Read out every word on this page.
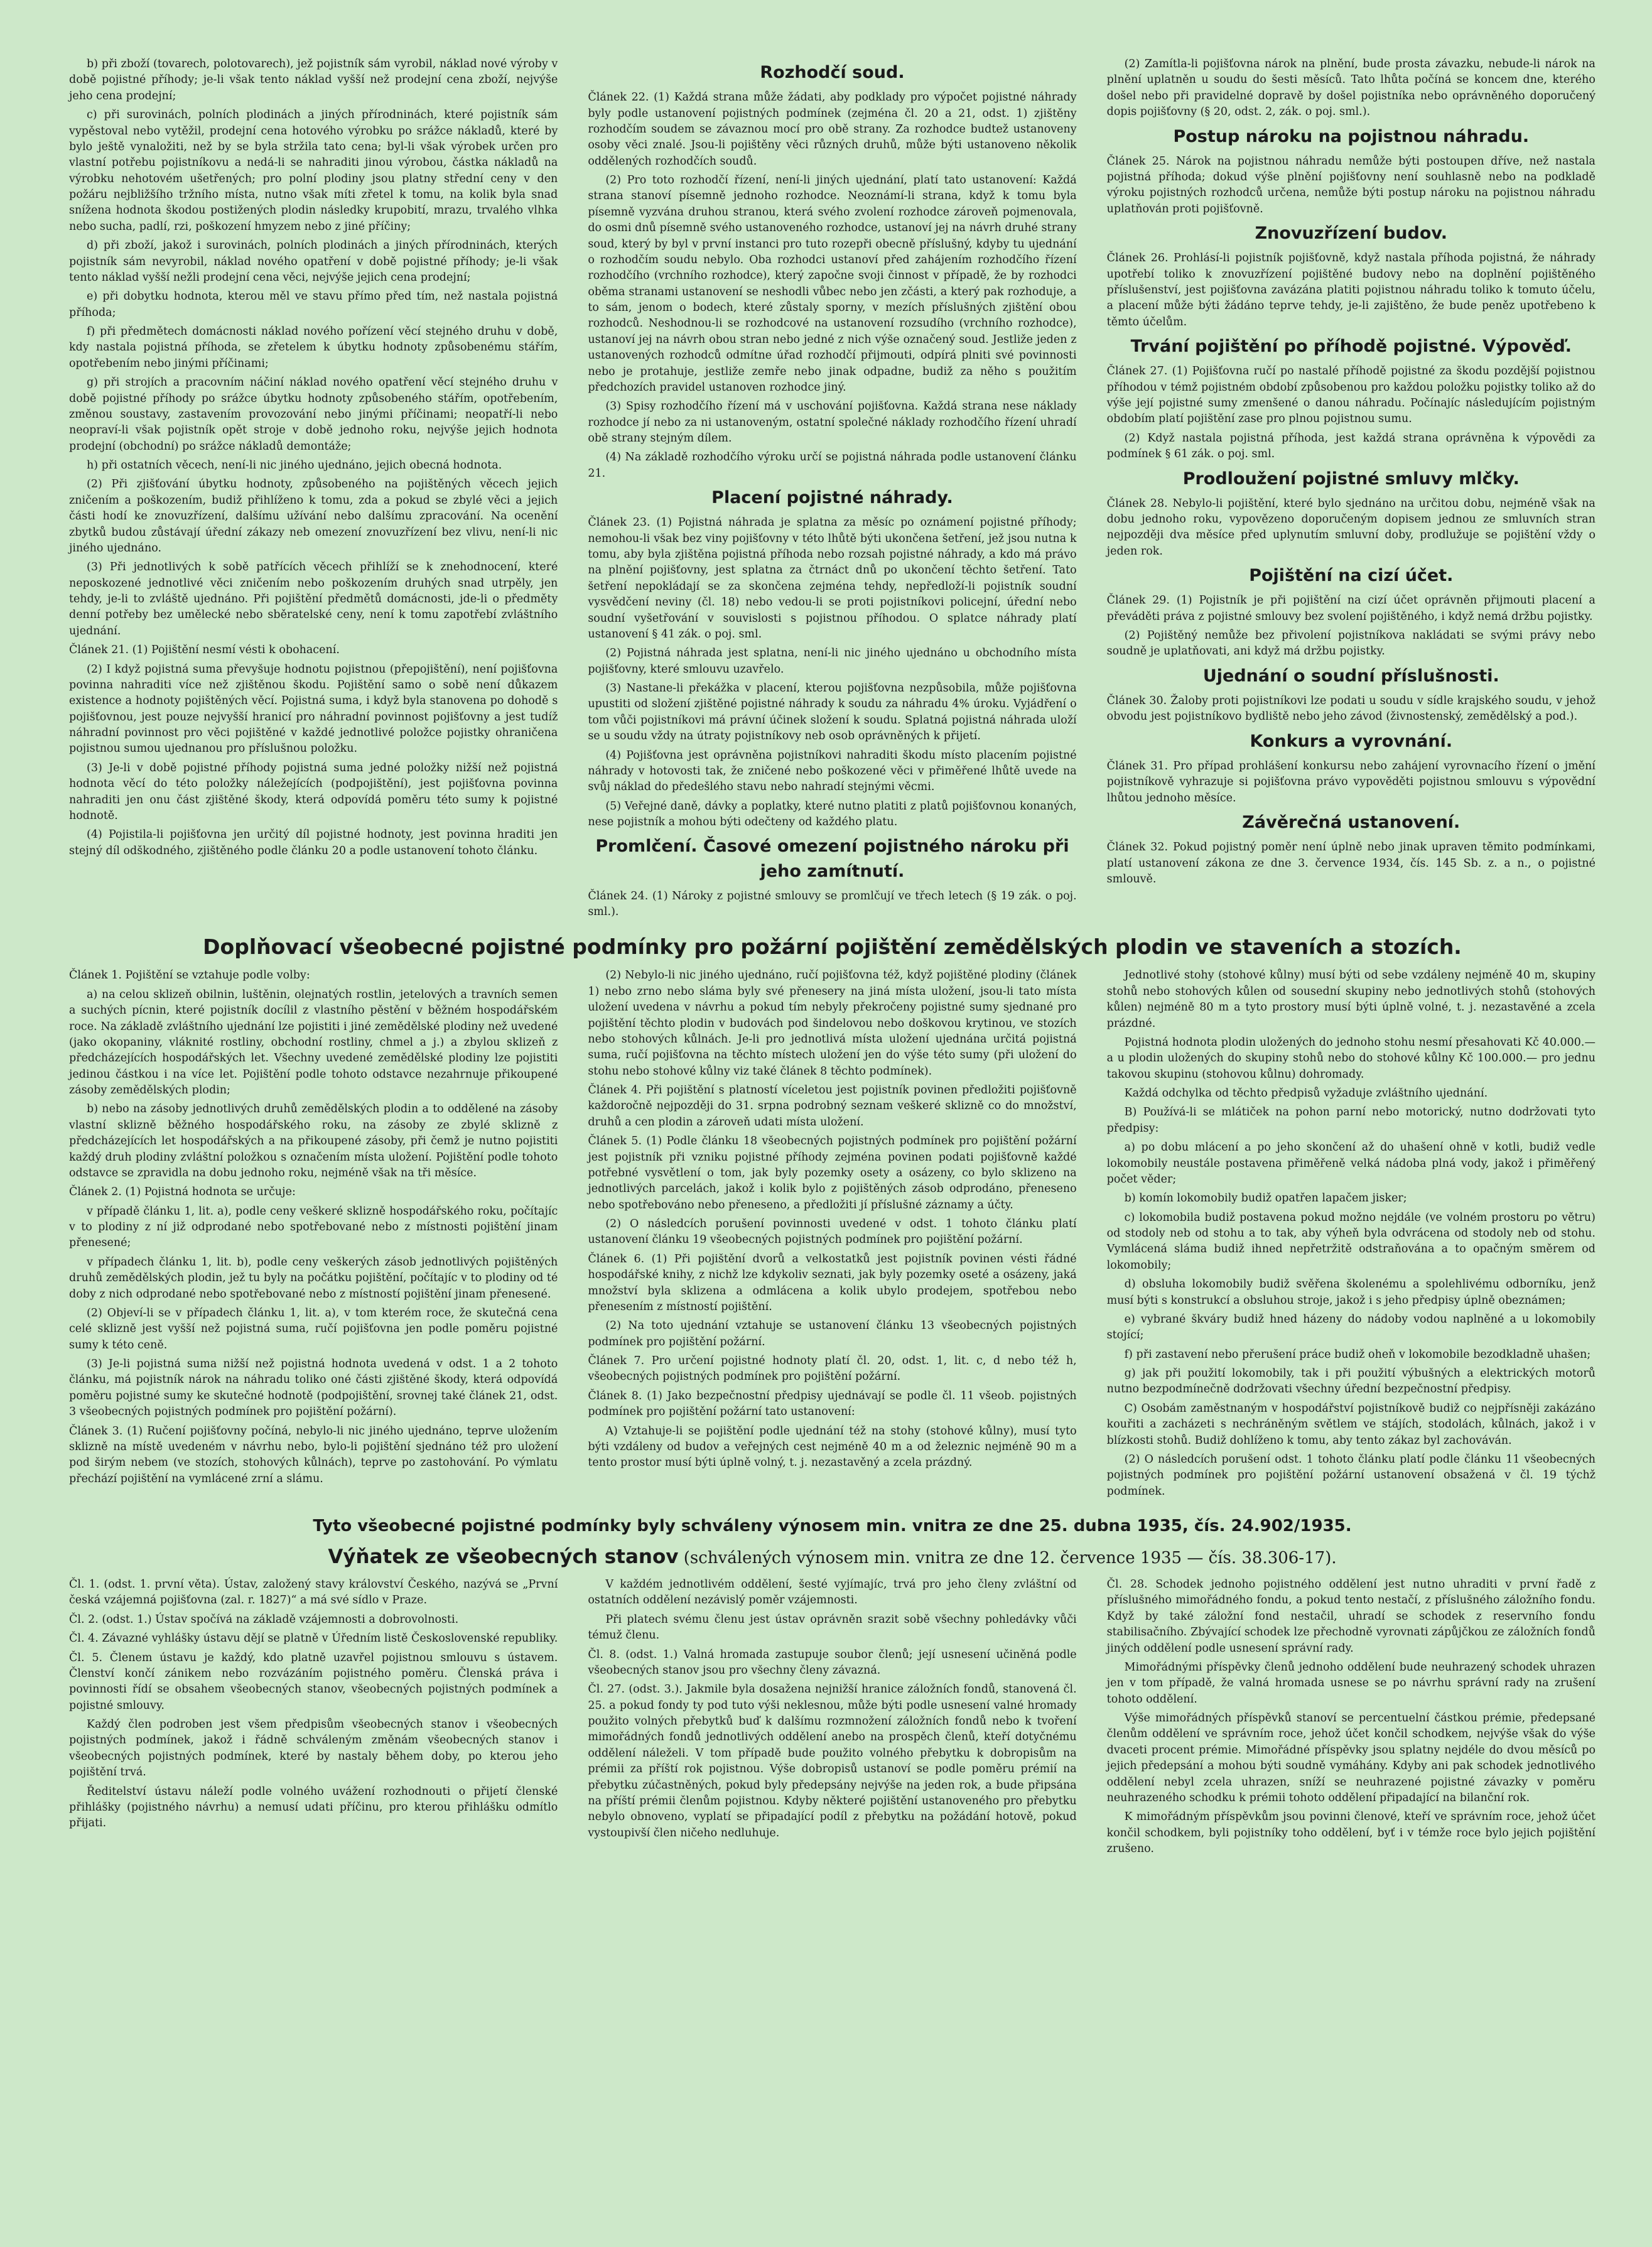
b) při zboží (tovarech, polotovarech), jež pojistník sám vyrobil, náklad nové výroby v době pojistné příhody; je-li však tento náklad vyšší než prodejní cena zboží, nejvýše jeho cena prodejní;

c) při surovinách, polních plodinách a jiných přírodninách, které pojistník sám vypěstoval nebo vytěžil, prodejní cena hotového výrobku po srážce nákladů, které by bylo ještě vynaložiti, než by se byla stržila tato cena; byl-li však výrobek určen pro vlastní potřebu pojistníkovu a nedá-li se nahraditi jinou výrobou, částka nákladů na výrobku nehotovém ušetřených; pro polní plodiny jsou platny střední ceny v den požáru nejbližšího tržního místa, nutno však míti zřetel k tomu, na kolik byla snad snížena hodnota škodou postižených plodin následky krupobití, mrazu, trvalého vlhka nebo sucha, padlí, rzi, poškození hmyzem nebo z jiné příčiny;

d) při zboží, jakož i surovinách, polních plodinách a jiných přírodninách, kterých pojistník sám nevyrobil, náklad nového opatření v době pojistné příhody; je-li však tento náklad vyšší nežli prodejní cena věci, nejvýše jejich cena prodejní;

e) při dobytku hodnota, kterou měl ve stavu přímo před tím, než nastala pojistná příhoda;

f) při předmětech domácnosti náklad nového pořízení věcí stejného druhu v době, kdy nastala pojistná příhoda, se zřetelem k úbytku hodnoty způsobenému stářím, opotřebením nebo jinými příčinami;

g) při strojích a pracovním náčiní náklad nového opatření věcí stejného druhu v době pojistné příhody po srážce úbytku hodnoty způsobeného stářím, opotřebením, změnou soustavy, zastavením provozování nebo jinými příčinami; neopatří-li nebo neopraví-li však pojistník opět stroje v době jednoho roku, nejvýše jejich hodnota prodejní (obchodní) po srážce nákladů demontáže;

h) při ostatních věcech, není-li nic jiného ujednáno, jejich obecná hodnota.

(2) Při zjišťování úbytku hodnoty, způsobeného na pojištěných věcech jejich zničením a poškozením, budiž přihlíženo k tomu, zda a pokud se zbylé věci a jejich části hodí ke znovuzřízení, dalšímu užívání nebo dalšímu zpracování. Na ocenění zbytků budou zůstávají úřední zákazy neb omezení znovuzřízení bez vlivu, není-li nic jiného ujednáno.

(3) Při jednotlivých k sobě patřících věcech přihlíží se k znehodnocení, které neposkozené jednotlivé věci zničením nebo poškozením druhých snad utrpěly, jen tehdy, je-li to zvláště ujednáno. Při pojištění předmětů domácnosti, jde-li o předměty denní potřeby bez umělecké nebo sběratelské ceny, není k tomu zapotřebí zvláštního ujednání.

Článek 21. (1) Pojištění nesmí vésti k obohacení.

(2) I když pojistná suma převyšuje hodnotu pojistnou (přepojištění), není pojišťovna povinna nahraditi více než zjištěnou škodu. Pojištění samo o sobě není důkazem existence a hodnoty pojištěných věcí. Pojistná suma, i když byla stanovena po dohodě s pojišťovnou, jest pouze nejvyšší hranicí pro náhradní povinnost pojišťovny a jest tudíž náhradní povinnost pro věci pojištěné v každé jednotlivé položce pojistky ohraničena pojistnou sumou ujednanou pro příslušnou položku.

(3) Je-li v době pojistné příhody pojistná suma jedné položky nižší než pojistná hodnota věcí do této položky náležejících (podpojištění), jest pojišťovna povinna nahraditi jen onu část zjištěné škody, která odpovídá poměru této sumy k pojistné hodnotě.

(4) Pojistila-li pojišťovna jen určitý díl pojistné hodnoty, jest povinna hraditi jen stejný díl odškodného, zjištěného podle článku 20 a podle ustanovení tohoto článku.

Rozhodčí soud.

Článek 22. (1) Každá strana může žádati, aby podklady pro výpočet pojistné náhrady byly podle ustanovení pojistných podmínek (zejména čl. 20 a 21, odst. 1) zjištěny rozhodčím soudem se závaznou mocí pro obě strany. Za rozhodce budtež ustanoveny osoby věci znalé. Jsou-li pojištěny věci různých druhů, může býti ustanoveno několik oddělených rozhodčích soudů.

(2) Pro toto rozhodčí řízení, není-li jiných ujednání, platí tato ustanovení: Každá strana stanoví písemně jednoho rozhodce. Neoznámí-li strana, když k tomu byla písemně vyzvána druhou stranou, která svého zvolení rozhodce zároveň pojmenovala, do osmi dnů písemně svého ustanoveného rozhodce, ustanoví jej na návrh druhé strany soud, který by byl v první instanci pro tuto rozepři obecně příslušný, kdyby tu ujednání o rozhodčím soudu nebylo. Oba rozhodci ustanoví před zahájením rozhodčího řízení rozhodčího (vrchního rozhodce), který započne svoji činnost v případě, že by rozhodci oběma stranami ustanovení se neshodli vůbec nebo jen zčásti, a který pak rozhoduje, a to sám, jenom o bodech, které zůstaly sporny, v mezích příslušných zjištění obou rozhodců. Neshodnou-li se rozhodcové na ustanovení rozsudího (vrchního rozhodce), ustanoví jej na návrh obou stran nebo jedné z nich výše označený soud. Jestliže jeden z ustanovených rozhodců odmítne úřad rozhodčí přijmouti, odpírá plniti své povinnosti nebo je protahuje, jestliže zemře nebo jinak odpadne, budiž za něho s použitím předchozích pravidel ustanoven rozhodce jiný.

(3) Spisy rozhodčího řízení má v uschování pojišťovna. Každá strana nese náklady rozhodce jí nebo za ni ustanoveným, ostatní společné náklady rozhodčího řízení uhradí obě strany stejným dílem.

(4) Na základě rozhodčího výroku určí se pojistná náhrada podle ustanovení článku 21.

Placení pojistné náhrady.

Článek 23. (1) Pojistná náhrada je splatna za měsíc po oznámení pojistné příhody; nemohou-li však bez viny pojišťovny v této lhůtě býti ukončena šetření, jež jsou nutna k tomu, aby byla zjištěna pojistná příhoda nebo rozsah pojistné náhrady, a kdo má právo na plnění pojišťovny, jest splatna za čtrnáct dnů po ukončení těchto šetření. Tato šetření nepokládají se za skončena zejména tehdy, nepředloží-li pojistník soudní vysvědčení neviny (čl. 18) nebo vedou-li se proti pojistníkovi policejní, úřední nebo soudní vyšetřování v souvislosti s pojistnou příhodou. O splatce náhrady platí ustanovení § 41 zák. o poj. sml.

(2) Pojistná náhrada jest splatna, není-li nic jiného ujednáno u obchodního místa pojišťovny, které smlouvu uzavřelo.

(3) Nastane-li překážka v placení, kterou pojišťovna nezpůsobila, může pojišťovna upustiti od složení zjištěné pojistné náhrady k soudu za náhradu 4% úroku. Vyjádření o tom vůči pojistníkovi má právní účinek složení k soudu. Splatná pojistná náhrada uloží se u soudu vždy na útraty pojistníkovy neb osob oprávněných k přijetí.

(4) Pojišťovna jest oprávněna pojistníkovi nahraditi škodu místo placením pojistné náhrady v hotovosti tak, že zničené nebo poškozené věci v přiměřené lhůtě uvede na svůj náklad do předešlého stavu nebo nahradí stejnými věcmi.

(5) Veřejné daně, dávky a poplatky, které nutno platiti z platů pojišťovnou konaných, nese pojistník a mohou býti odečteny od každého platu.

Promlčení. Časové omezení pojistného nároku při jeho zamítnutí.

Článek 24. (1) Nároky z pojistné smlouvy se promlčují ve třech letech (§ 19 zák. o poj. sml.).

(2) Zamítla-li pojišťovna nárok na plnění, bude prosta závazku, nebude-li nárok na plnění uplatněn u soudu do šesti měsíců. Tato lhůta počíná se koncem dne, kterého došel nebo při pravidelné dopravě by došel pojistníka nebo oprávněného doporučený dopis pojišťovny (§ 20, odst. 2, zák. o poj. sml.).

Postup nároku na pojistnou náhradu.

Článek 25. Nárok na pojistnou náhradu nemůže býti postoupen dříve, než nastala pojistná příhoda; dokud výše plnění pojišťovny není souhlasně nebo na podkladě výroku pojistných rozhodců určena, nemůže býti postup nároku na pojistnou náhradu uplatňován proti pojišťovně.

Znovuzřízení budov.

Článek 26. Prohlásí-li pojistník pojišťovně, když nastala příhoda pojistná, že náhrady upotřebí toliko k znovuzřízení pojištěné budovy nebo na doplnění pojištěného příslušenství, jest pojišťovna zavázána platiti pojistnou náhradu toliko k tomuto účelu, a placení může býti žádáno teprve tehdy, je-li zajištěno, že bude peněz upotřebeno k těmto účelům.

Trvání pojištění po příhodě pojistné. Výpověď.

Článek 27. (1) Pojišťovna ručí po nastalé příhodě pojistné za škodu pozdější pojistnou příhodou v témž pojistném období způsobenou pro každou položku pojistky toliko až do výše její pojistné sumy zmenšené o danou náhradu. Počínajíc následujícím pojistným obdobím platí pojištění zase pro plnou pojistnou sumu.

(2) Když nastala pojistná příhoda, jest každá strana oprávněna k výpovědi za podmínek § 61 zák. o poj. sml.

Prodloužení pojistné smluvy mlčky.

Článek 28. Nebylo-li pojištění, které bylo sjednáno na určitou dobu, nejméně však na dobu jednoho roku, vypovězeno doporučeným dopisem jednou ze smluvních stran nejpozději dva měsíce před uplynutím smluvní doby, prodlužuje se pojištění vždy o jeden rok.

Pojištění na cizí účet.

Článek 29. (1) Pojistník je při pojištění na cizí účet oprávněn přijmouti placení a převáděti práva z pojistné smlouvy bez svolení pojištěného, i když nemá držbu pojistky.

(2) Pojištěný nemůže bez přivolení pojistníkova nakládati se svými právy nebo soudně je uplatňovati, ani když má držbu pojistky.

Ujednání o soudní příslušnosti.

Článek 30. Žaloby proti pojistníkovi lze podati u soudu v sídle krajského soudu, v jehož obvodu jest pojistníkovo bydliště nebo jeho závod (živnostenský, zemědělský a pod.).

Konkurs a vyrovnání.

Článek 31. Pro případ prohlášení konkursu nebo zahájení vyrovnacího řízení o jmění pojistníkově vyhrazuje si pojišťovna právo vypověděti pojistnou smlouvu s výpovědní lhůtou jednoho měsíce.

Závěrečná ustanovení.

Článek 32. Pokud pojistný poměr není úplně nebo jinak upraven těmito podmínkami, platí ustanovení zákona ze dne 3. července 1934, čís. 145 Sb. z. a n., o pojistné smlouvě.

Doplňovací všeobecné pojistné podmínky pro požární pojištění zemědělských plodin ve staveních a stozích.

Článek 1. Pojištění se vztahuje podle volby:

a) na celou sklizeň obilnin, luštěnin, olejnatých rostlin, jetelových a travních semen a suchých pícnin, které pojistník docílil z vlastního pěstění v běžném hospodářském roce. Na základě zvláštního ujednání lze pojistiti i jiné zemědělské plodiny než uvedené (jako okopaniny, vláknité rostliny, obchodní rostliny, chmel a j.) a zbylou sklizeň z předcházejících hospodářských let. Všechny uvedené zemědělské plodiny lze pojistiti jedinou částkou i na více let. Pojištění podle tohoto odstavce nezahrnuje přikoupené zásoby zemědělských plodin;

b) nebo na zásoby jednotlivých druhů zemědělských plodin a to oddělené na zásoby vlastní sklizně běžného hospodářského roku, na zásoby ze zbylé sklizně z předcházejících let hospodářských a na přikoupené zásoby, při čemž je nutno pojistiti každý druh plodiny zvláštní položkou s označením místa uložení. Pojištění podle tohoto odstavce se zpravidla na dobu jednoho roku, nejméně však na tři měsíce.

Článek 2. (1) Pojistná hodnota se určuje:

v případě článku 1, lit. a), podle ceny veškeré sklizně hospodářského roku, počítajíc v to plodiny z ní již odprodané nebo spotřebované nebo z místnosti pojištění jinam přenesené;

v případech článku 1, lit. b), podle ceny veškerých zásob jednotlivých pojištěných druhů zemědělských plodin, jež tu byly na počátku pojištění, počítajíc v to plodiny od té doby z nich odprodané nebo spotřebované nebo z místností pojištění jinam přenesené.

(2) Objeví-li se v případech článku 1, lit. a), v tom kterém roce, že skutečná cena celé sklizně jest vyšší než pojistná suma, ručí pojišťovna jen podle poměru pojistné sumy k této ceně.

(3) Je-li pojistná suma nižší než pojistná hodnota uvedená v odst. 1 a 2 tohoto článku, má pojistník nárok na náhradu toliko oné části zjištěné škody, která odpovídá poměru pojistné sumy ke skutečné hodnotě (podpojištění, srovnej také článek 21, odst. 3 všeobecných pojistných podmínek pro pojištění požární).

Článek 3. (1) Ručení pojišťovny počíná, nebylo-li nic jiného ujednáno, teprve uložením sklizně na místě uvedeném v návrhu nebo, bylo-li pojištění sjednáno též pro uložení pod širým nebem (ve stozích, stohových kůlnách), teprve po zastohování. Po výmlatu přechází pojištění na vymlácené zrní a slámu.

(2) Nebylo-li nic jiného ujednáno, ručí pojišťovna též, když pojištěné plodiny (článek 1) nebo zrno nebo sláma byly své přenesery na jiná místa uložení, jsou-li tato místa uložení uvedena v návrhu a pokud tím nebyly překročeny pojistné sumy sjednané pro pojištění těchto plodin v budovách pod šindelovou nebo doškovou krytinou, ve stozích nebo stohových kůlnách. Je-li pro jednotlivá místa uložení ujednána určitá pojistná suma, ručí pojišťovna na těchto místech uložení jen do výše této sumy (při uložení do stohu nebo stohové kůlny viz také článek 8 těchto podmínek).

Článek 4. Při pojištění s platností víceletou jest pojistník povinen předložiti pojišťovně každoročně nejpozději do 31. srpna podrobný seznam veškeré sklizně co do množství, druhů a cen plodin a zároveň udati místa uložení.

Článek 5. (1) Podle článku 18 všeobecných pojistných podmínek pro pojištění požární jest pojistník při vzniku pojistné příhody zejména povinen podati pojišťovně každé potřebné vysvětlení o tom, jak byly pozemky osety a osázeny, co bylo sklizeno na jednotlivých parcelách, jakož i kolik bylo z pojištěných zásob odprodáno, přeneseno nebo spotřebováno nebo přeneseno, a předložiti jí příslušné záznamy a účty.

(2) O následcích porušení povinnosti uvedené v odst. 1 tohoto článku platí ustanovení článku 19 všeobecných pojistných podmínek pro pojištění požární.

Článek 6. (1) Při pojištění dvorů a velkostatků jest pojistník povinen vésti řádné hospodářské knihy, z nichž lze kdykoliv seznati, jak byly pozemky oseté a osázeny, jaká množství byla sklizena a odmlácena a kolik ubylo prodejem, spotřebou nebo přenesením z místností pojištění.

(2) Na toto ujednání vztahuje se ustanovení článku 13 všeobecných pojistných podmínek pro pojištění požární.

Článek 7. Pro určení pojistné hodnoty platí čl. 20, odst. 1, lit. c, d nebo též h, všeobecných pojistných podmínek pro pojištění požární.

Článek 8. (1) Jako bezpečnostní předpisy ujednávají se podle čl. 11 všeob. pojistných podmínek pro pojištění požární tato ustanovení:

A) Vztahuje-li se pojištění podle ujednání též na stohy (stohové kůlny), musí tyto býti vzdáleny od budov a veřejných cest nejméně 40 m a od železnic nejméně 90 m a tento prostor musí býti úplně volný, t. j. nezastavěný a zcela prázdný.

Jednotlivé stohy (stohové kůlny) musí býti od sebe vzdáleny nejméně 40 m, skupiny stohů nebo stohových kůlen od sousední skupiny nebo jednotlivých stohů (stohových kůlen) nejméně 80 m a tyto prostory musí býti úplně volné, t. j. nezastavěné a zcela prázdné.

Pojistná hodnota plodin uložených do jednoho stohu nesmí přesahovati Kč 40.000.— a u plodin uložených do skupiny stohů nebo do stohové kůlny Kč 100.000.— pro jednu takovou skupinu (stohovou kůlnu) dohromady.

Každá odchylka od těchto předpisů vyžaduje zvláštního ujednání.

B) Používá-li se mlátiček na pohon parní nebo motorický, nutno dodržovati tyto předpisy:

a) po dobu mlácení a po jeho skončení až do uhašení ohně v kotli, budiž vedle lokomobily neustále postavena přiměřeně velká nádoba plná vody, jakož i přiměřený počet věder;

b) komín lokomobily budiž opatřen lapačem jisker;

c) lokomobila budiž postavena pokud možno nejdále (ve volném prostoru po větru) od stodoly neb od stohu a to tak, aby výheň byla odvrácena od stodoly neb od stohu. Vymlácená sláma budiž ihned nepřetržitě odstraňována a to opačným směrem od lokomobily;

d) obsluha lokomobily budiž svěřena školenému a spolehlivému odborníku, jenž musí býti s konstrukcí a obsluhou stroje, jakož i s jeho předpisy úplně obeznámen;

e) vybrané škváry budiž hned házeny do nádoby vodou naplněné a u lokomobily stojící;

f) při zastavení nebo přerušení práce budiž oheň v lokomobile bezodkladně uhašen;

g) jak při použití lokomobily, tak i při použití výbušných a elektrických motorů nutno bezpodmínečně dodržovati všechny úřední bezpečnostní předpisy.

C) Osobám zaměstnaným v hospodářství pojistníkově budiž co nejpřísněji zakázáno kouřiti a zacházeti s nechráněným světlem ve stájích, stodolách, kůlnách, jakož i v blízkosti stohů. Budiž dohlíženo k tomu, aby tento zákaz byl zachováván.

(2) O následcích porušení odst. 1 tohoto článku platí podle článku 11 všeobecných pojistných podmínek pro pojištění požární ustanovení obsažená v čl. 19 týchž podmínek.

Tyto všeobecné pojistné podmínky byly schváleny výnosem min. vnitra ze dne 25. dubna 1935, čís. 24.902/1935.
Výňatek ze všeobecných stanov (schválených výnosem min. vnitra ze dne 12. července 1935 — čís. 38.306-17).

Čl. 1. (odst. 1. první věta). Ústav, založený stavy království Českého, nazývá se „První česká vzájemná pojišťovna (zal. r. 1827)“ a má své sídlo v Praze.

Čl. 2. (odst. 1.) Ústav spočívá na základě vzájemnosti a dobrovolnosti.

Čl. 4. Závazné vyhlášky ústavu dějí se platně v Úředním listě Československé republiky.

Čl. 5. Členem ústavu je každý, kdo platně uzavřel pojistnou smlouvu s ústavem. Členství končí zánikem nebo rozvázáním pojistného poměru. Členská práva i povinnosti řídí se obsahem všeobecných stanov, všeobecných pojistných podmínek a pojistné smlouvy.

Každý člen podroben jest všem předpisům všeobecných stanov i všeobecných pojistných podmínek, jakož i řádně schváleným změnám všeobecných stanov i všeobecných pojistných podmínek, které by nastaly během doby, po kterou jeho pojištění trvá.

Ředitelství ústavu náleží podle volného uvážení rozhodnouti o přijetí členské přihlášky (pojistného návrhu) a nemusí udati příčinu, pro kterou přihlášku odmítlo přijati.

V každém jednotlivém oddělení, šesté vyjímajíc, trvá pro jeho členy zvláštní od ostatních oddělení nezávislý poměr vzájemnosti.

Při platech svému členu jest ústav oprávněn srazit sobě všechny pohledávky vůči témuž členu.

Čl. 8. (odst. 1.) Valná hromada zastupuje soubor členů; její usnesení učiněná podle všeobecných stanov jsou pro všechny členy závazná.

Čl. 27. (odst. 3.). Jakmile byla dosažena nejnižší hranice záložních fondů, stanovená čl. 25. a pokud fondy ty pod tuto výši neklesnou, může býti podle usnesení valné hromady použito volných přebytků buď k dalšímu rozmnožení záložních fondů nebo k tvoření mimořádných fondů jednotlivých oddělení anebo na prospěch členů, kteří dotyčnému oddělení náleželi. V tom případě bude použito volného přebytku k dobropisům na prémii za příští rok pojistnou. Výše dobropisů ustanoví se podle poměru prémií na přebytku zúčastněných, pokud byly předepsány nejvýše na jeden rok, a bude připsána na příští prémii členům pojistnou. Kdyby některé pojištění ustanoveného pro přebytku nebylo obnoveno, vyplatí se připadající podíl z přebytku na požádání hotově, pokud vystoupivší člen ničeho nedluhuje.

Čl. 28. Schodek jednoho pojistného oddělení jest nutno uhraditi v první řadě z příslušného mimořádného fondu, a pokud tento nestačí, z příslušného záložního fondu. Když by také záložní fond nestačil, uhradí se schodek z reservního fondu stabilisačního. Zbývající schodek lze přechodně vyrovnati zápůjčkou ze záložních fondů jiných oddělení podle usnesení správní rady.

Mimořádnými příspěvky členů jednoho oddělení bude neuhrazený schodek uhrazen jen v tom případě, že valná hromada usnese se po návrhu správní rady na zrušení tohoto oddělení.

Výše mimořádných příspěvků stanoví se percentuelní částkou prémie, předepsané členům oddělení ve správním roce, jehož účet končil schodkem, nejvýše však do výše dvaceti procent prémie. Mimořádné příspěvky jsou splatny nejdéle do dvou měsíců po jejich předepsání a mohou býti soudně vymáhány. Kdyby ani pak schodek jednotlivého oddělení nebyl zcela uhrazen, sníží se neuhrazené pojistné závazky v poměru neuhrazeného schodku k prémii tohoto oddělení připadající na bilanční rok.

K mimořádným příspěvkům jsou povinni členové, kteří ve správním roce, jehož účet končil schodkem, byli pojistníky toho oddělení, byť i v témže roce bylo jejich pojištění zrušeno.
